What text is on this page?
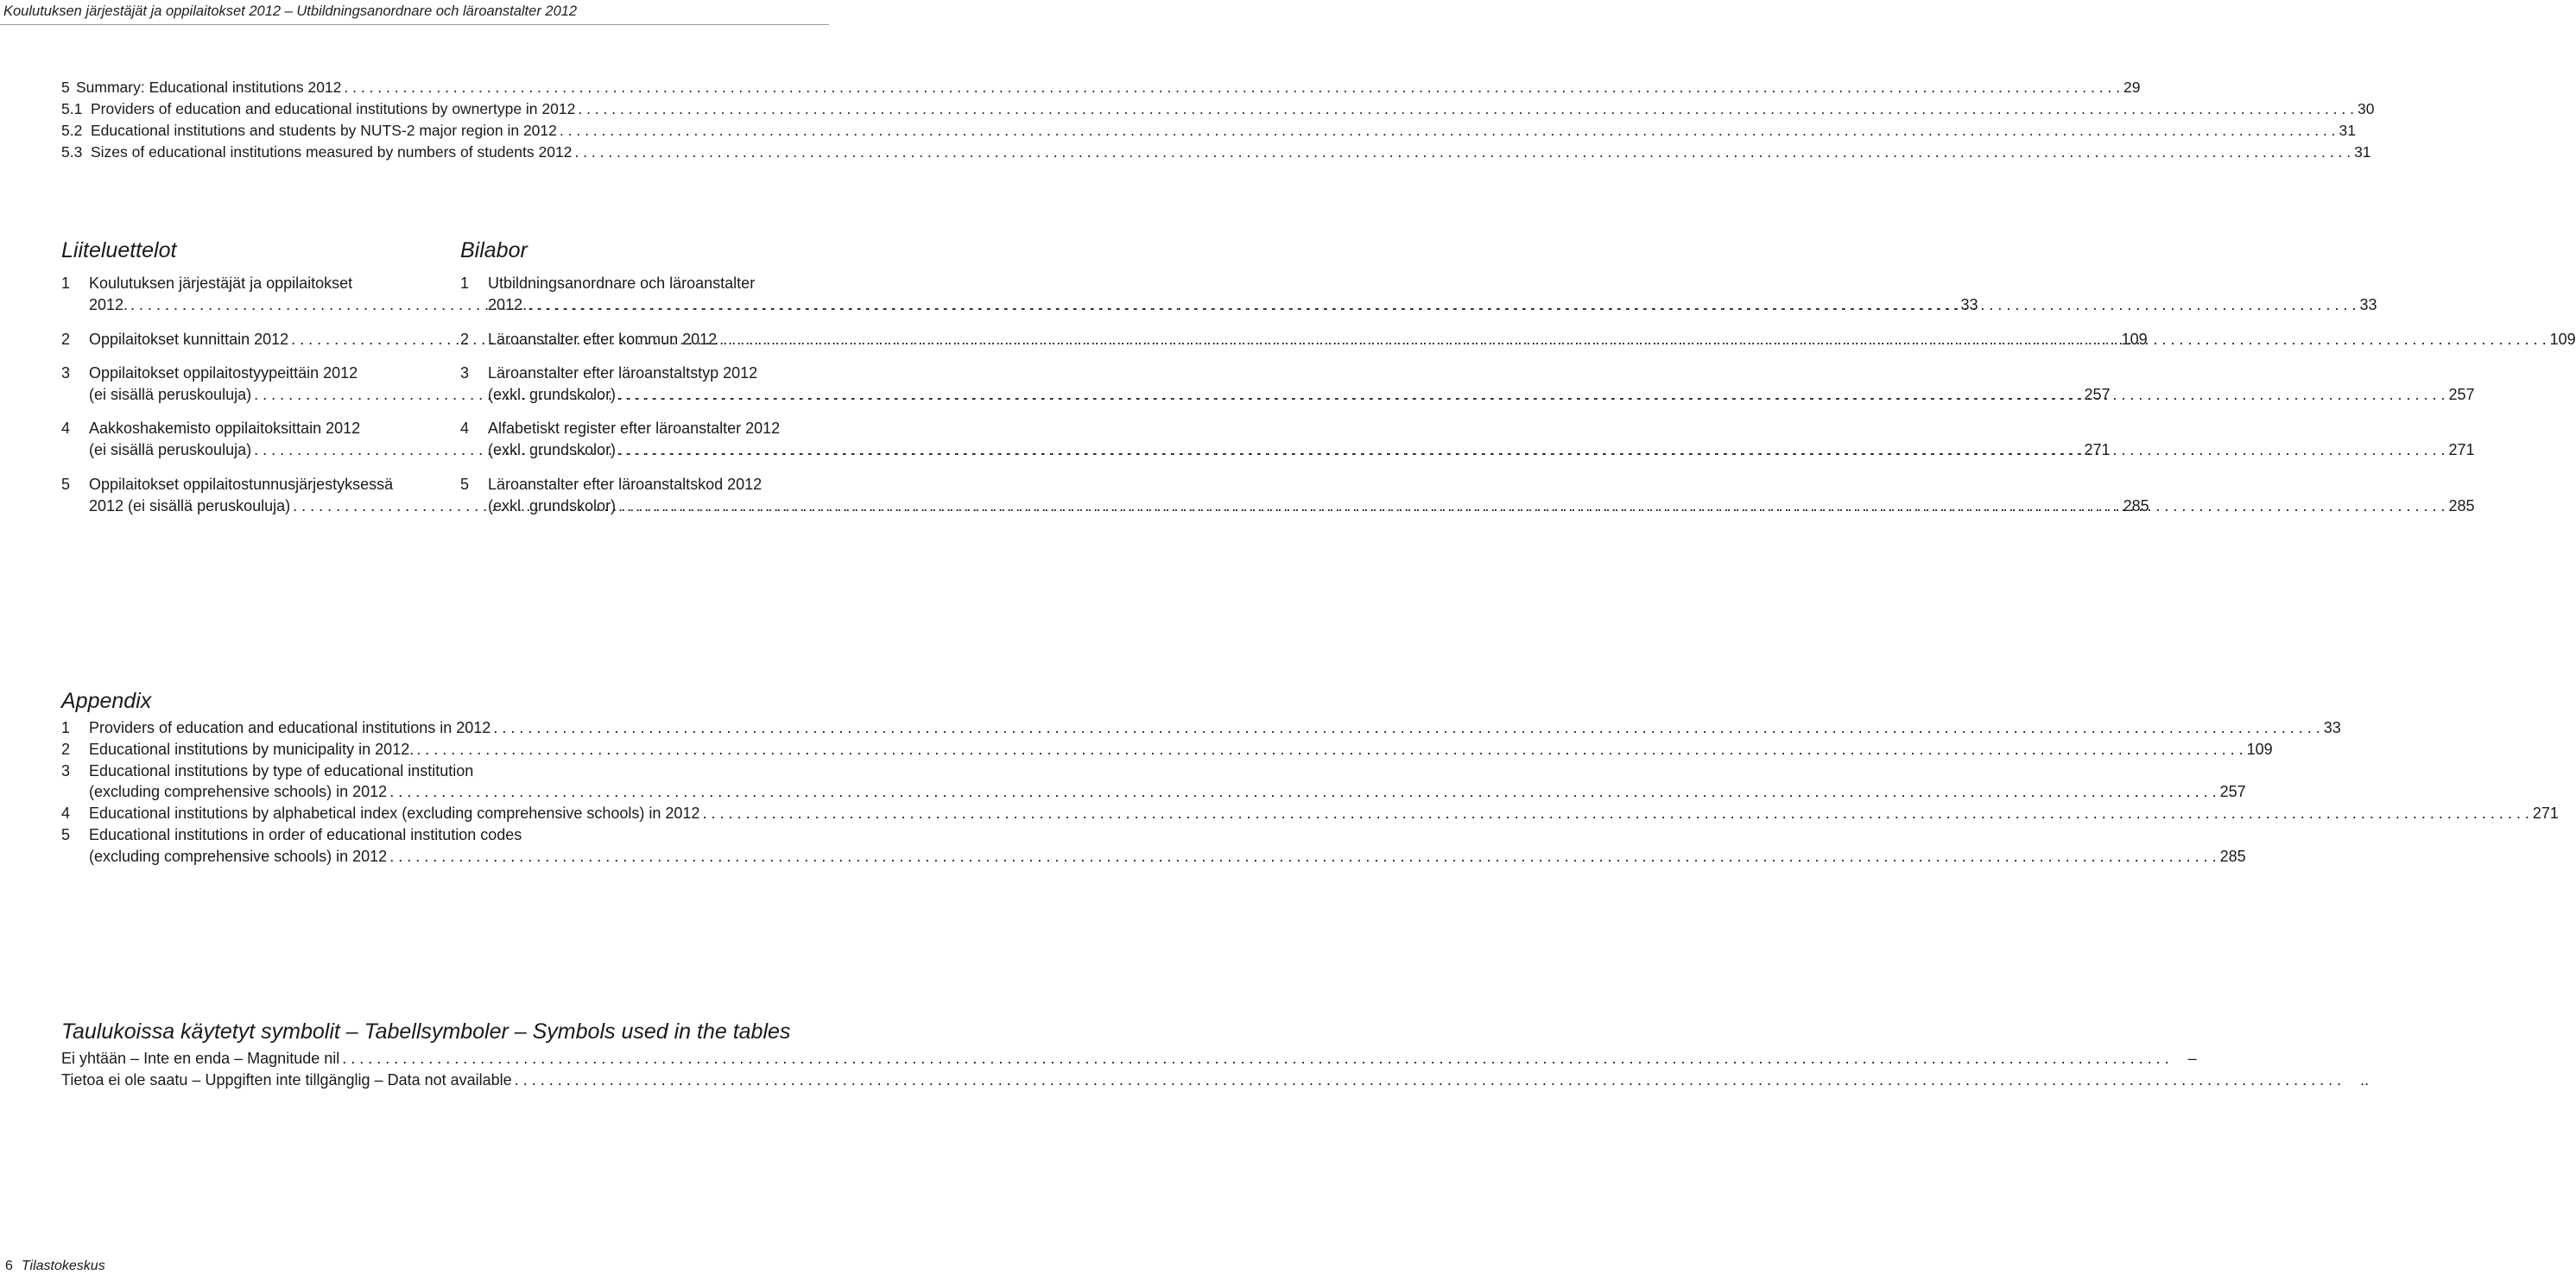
Koulutuksen järjestäjät ja oppilaitokset 2012 – Utbildningsanordnare och läroanstalter 2012
5 Summary: Educational institutions 2012 . . .	29
5.1 Providers of education and educational institutions by ownertype in 2012 . . .	30
5.2 Educational institutions and students by NUTS-2 major region in 2012 . . .	31
5.3 Sizes of educational institutions measured by numbers of students 2012 . . .	31
Liiteluettelot
1 Koulutuksen järjestäjät ja oppilaitokset
2012. . . .	33
2	Oppilaitokset kunnittain 2012 . . .	109
3 Oppilaitokset oppilaitostyypeittäin 2012
(ei sisällä peruskouluja) . . .	257
4 Aakkoshakemisto oppilaitoksittain 2012
(ei sisällä peruskouluja) . . .	271
5 Oppilaitokset oppilaitostunnusjärjestyksessä
2012 (ei sisällä peruskouluja) . . .	285
Bilabor
1 Utbildningsanordnare och läroanstalter
2012. . . .	33
2	Läroanstalter efter kommun 2012 . . .	109
3 Läroanstalter efter läroanstaltstyp 2012
(exkl. grundskolor) . . .	257
4 Alfabetiskt register efter läroanstalter 2012
(exkl. grundskolor) . . .	271
5 Läroanstalter efter läroanstaltskod 2012
(exkl. grundskolor) . . .	285
Appendix
1	Providers of education and educational institutions in 2012 . . .	33
2	Educational institutions by municipality in 2012. . . .	109
3 Educational institutions by type of educational institution
(excluding comprehensive schools) in 2012 . . .	257
4	Educational institutions by alphabetical index (excluding comprehensive schools) in 2012 . . .	271
5 Educational institutions in order of educational institution codes
(excluding comprehensive schools) in 2012 . . .	285
Taulukoissa käytetyt symbolit – Tabellsymboler – Symbols used in the tables
Ei yhtään – Inte en enda – Magnitude nil . . .	–
Tietoa ei ole saatu – Uppgiften inte tillgänglig – Data not available . . .	..
6 Tilastokeskus
